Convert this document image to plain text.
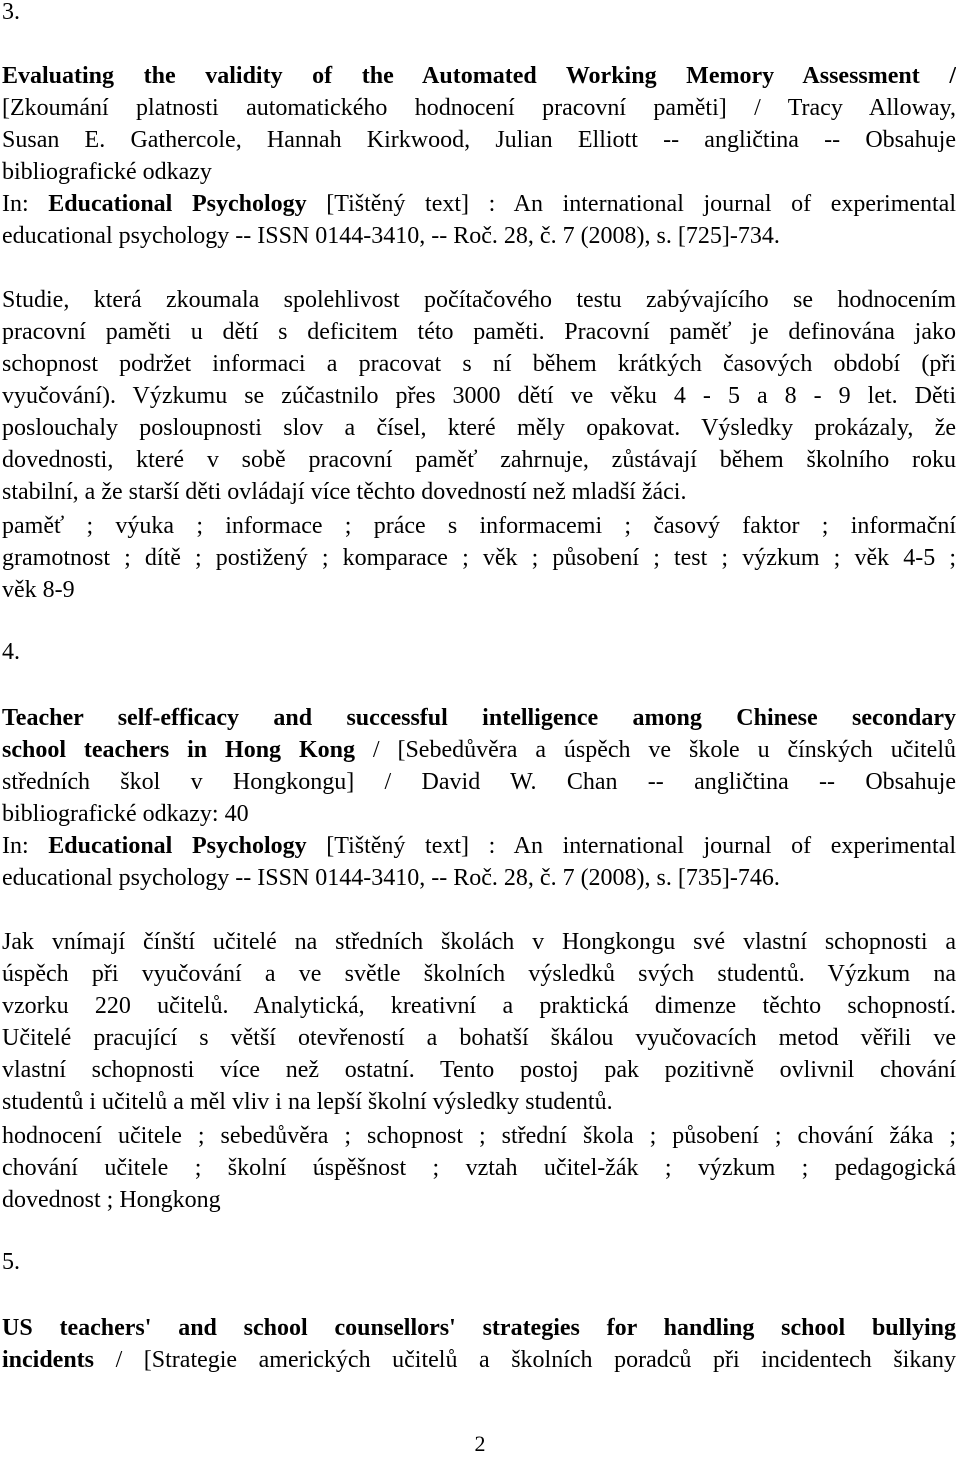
3.
Evaluating the validity of the Automated Working Memory Assessment /
[Zkoumání platnosti automatického hodnocení pracovní paměti] / Tracy Alloway,
Susan E. Gathercole, Hannah Kirkwood, Julian Elliott -- angličtina -- Obsahuje
bibliografické odkazy
In: Educational Psychology [Tištěný text] : An international journal of experimental
educational psychology -- ISSN 0144-3410, -- Roč. 28, č. 7 (2008), s. [725]-734.
Studie, která zkoumala spolehlivost počítačového testu zabývajícího se hodnocením
pracovní paměti u dětí s deficitem této paměti. Pracovní paměť je definována jako
schopnost podržet informaci a pracovat s ní během krátkých časových období (při
vyučování). Výzkumu se zúčastnilo přes 3000 dětí ve věku 4 - 5 a 8 - 9 let. Děti
poslouchaly posloupnosti slov a čísel, které měly opakovat. Výsledky prokázaly, že
dovednosti, které v sobě pracovní paměť zahrnuje, zůstávají během školního roku
stabilní, a že starší děti ovládají více těchto dovedností než mladší žáci.
paměť ; výuka ; informace ; práce s informacemi ; časový faktor ; informační
gramotnost ; dítě ; postižený ; komparace ; věk ; působení ; test ; výzkum ; věk 4-5 ;
věk 8-9
4.
Teacher self-efficacy and successful intelligence among Chinese secondary
school teachers in Hong Kong / [Sebedůvěra a úspěch ve škole u čínských učitelů
středních škol v Hongkongu] / David W. Chan -- angličtina -- Obsahuje
bibliografické odkazy: 40
In: Educational Psychology [Tištěný text] : An international journal of experimental
educational psychology -- ISSN 0144-3410, -- Roč. 28, č. 7 (2008), s. [735]-746.
Jak vnímají čínští učitelé na středních školách v Hongkongu své vlastní schopnosti a
úspěch při vyučování a ve světle školních výsledků svých studentů. Výzkum na
vzorku 220 učitelů. Analytická, kreativní a praktická dimenze těchto schopností.
Učitelé pracující s větší otevřeností a bohatší škálou vyučovacích metod věřili ve
vlastní schopnosti více než ostatní. Tento postoj pak pozitivně ovlivnil chování
studentů i učitelů a měl vliv i na lepší školní výsledky studentů.
hodnocení učitele ; sebedůvěra ; schopnost ; střední škola ; působení ; chování žáka ;
chování učitele ; školní úspěšnost ; vztah učitel-žák ; výzkum ; pedagogická
dovednost ; Hongkong
5.
US teachers' and school counsellors' strategies for handling school bullying
incidents / [Strategie amerických učitelů a školních poradců při incidentech šikany
2
